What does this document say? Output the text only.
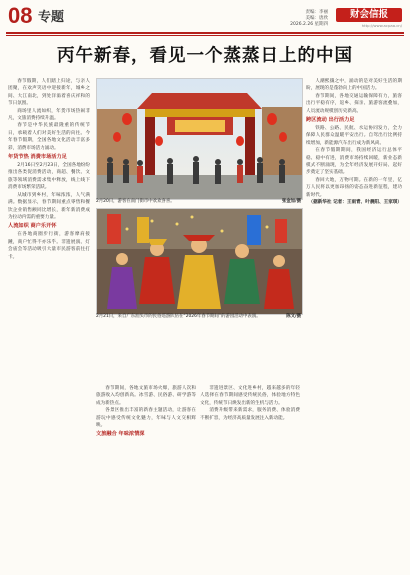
08 专题	责编：李丽
美编：唐欣
2026.2.26 星期四
财会信报
http://www.acpaa.cn/
丙午新春，看见一个蒸蒸日上的中国

春节假期，人们踏上归途，与亲人团聚，在欢声笑语中迎接新年，城乡之间、大江南北，到处洋溢着喜庆祥和的节日氛围。

商场里人流如织，年货市场热闹非凡，文旅消费持续升温。

春节是中华民族最隆重的传统节日，承载着人们对美好生活的向往。今年春节假期，全国各地文化活动丰富多彩，消费市场活力涌动。

年货节热 消费市场活力足

2月16日至2月23日，全国各地纷纷推出各类促消费活动，商超、餐饮、文旅等领域消费需求集中释放，线上线下消费市场繁荣活跃。

从城市到乡村，年味浓浓，人气满满。数据显示，春节期间重点零售和餐饮企业销售额同比增长，新年新消费成为拉动内需的重要力量。

人流如织 商户乐开怀

在各地商圈步行街，游客摩肩接踵，商户忙得不亦乐乎。非遗展演、灯会庙会等活动吸引大量市民游客前往打卡。

2月20日，游客在南门街市中欢欢喜喜。	张金加/摄
2月21日，来自广东汕头市的民俗巡游队伍在“2026年春节期间”的游园活动中表演。	陈文/摄

春节期间，各地文旅市场火爆，旅游人次和旅游收入均创新高。冰雪游、民俗游、研学游等成为新热点。

各景区推出丰富的新春主题活动，让游客在游玩中感受传统文化魅力，年味与人文交相辉映。

文旅融合 年味浓情深

非遗进景区、文化进乡村，越来越多的年轻人选择在春节期间感受传统民俗，体验地方特色文化，传统节日焕发出新的生机与活力。

消费升级带来新需求，服务消费、体验消费不断扩容，为经济高质量发展注入新动能。

人潮熙攘之中，涌动的是对美好生活的期盼，展现的是蓬勃向上的中国活力。

春节期间，各地交通运输保障有力，旅客出行平稳有序，返乡、探亲、旅游客流叠加，人员流动规模创历史新高。

跨区流动 出行活力足

铁路、公路、民航、水运协同发力，全力保障人民群众温暖平安出行。自驾出行比例持续增加，新能源汽车出行成为新风尚。

在春节假期期间，我国经济运行总体平稳、稳中有进，消费市场持续回暖，新业态新模式不断涌现，为全年经济发展开好局、起好步奠定了坚实基础。

春回大地，万物可期。在新的一年里，亿万人民将以更加昂扬的姿态奋进新征程，建功新时代。

（据新华社 记者：王雨青、叶晨阳、王家琪）
